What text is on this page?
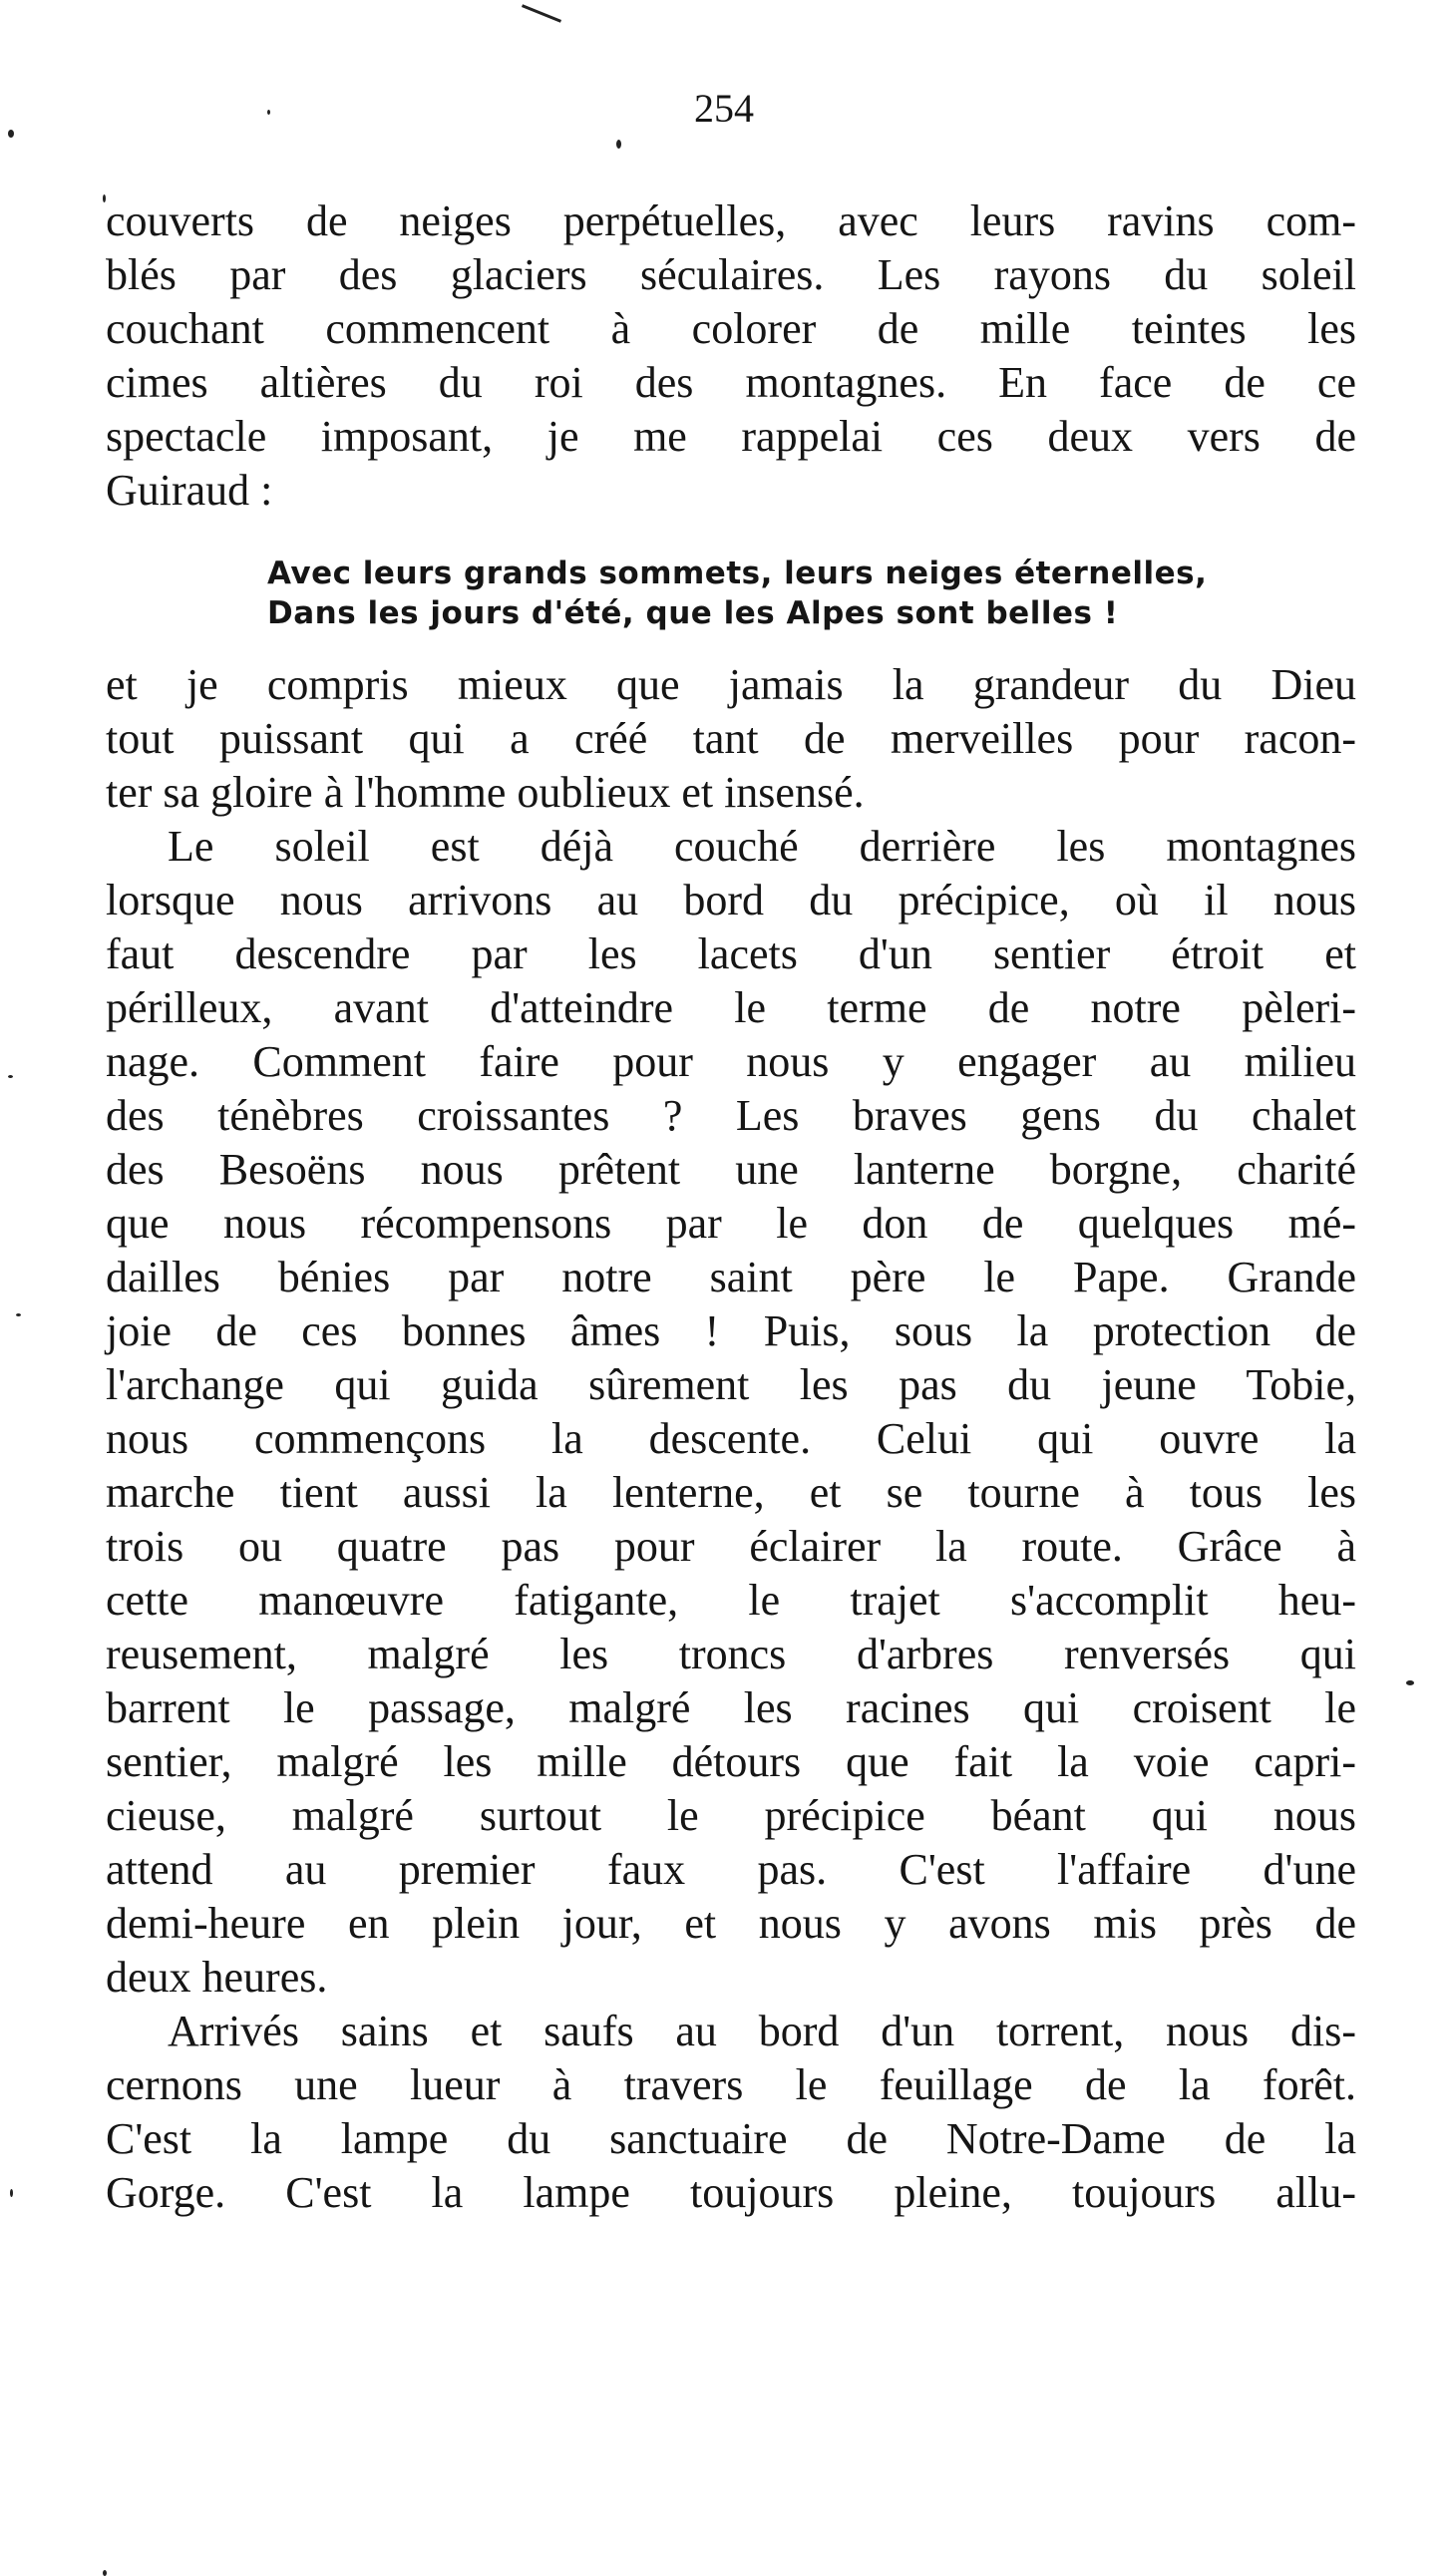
254
couverts de neiges perpétuelles, avec leurs ravins com-
blés par des glaciers séculaires. Les rayons du soleil
couchant commencent à colorer de mille teintes les
cimes altières du roi des montagnes. En face de ce
spectacle imposant, je me rappelai ces deux vers de
Guiraud :
Avec leurs grands sommets, leurs neiges éternelles,
Dans les jours d'été, que les Alpes sont belles !
et je compris mieux que jamais la grandeur du Dieu
tout puissant qui a créé tant de merveilles pour racon-
ter sa gloire à l'homme oublieux et insensé.
Le soleil est déjà couché derrière les montagnes
lorsque nous arrivons au bord du précipice, où il nous
faut descendre par les lacets d'un sentier étroit et
périlleux, avant d'atteindre le terme de notre pèleri-
nage. Comment faire pour nous y engager au milieu
des ténèbres croissantes ? Les braves gens du chalet
des Besoëns nous prêtent une lanterne borgne, charité
que nous récompensons par le don de quelques mé-
dailles bénies par notre saint père le Pape. Grande
joie de ces bonnes âmes ! Puis, sous la protection de
l'archange qui guida sûrement les pas du jeune Tobie,
nous commençons la descente. Celui qui ouvre la
marche tient aussi la lenterne, et se tourne à tous les
trois ou quatre pas pour éclairer la route. Grâce à
cette manœuvre fatigante, le trajet s'accomplit heu-
reusement, malgré les troncs d'arbres renversés qui
barrent le passage, malgré les racines qui croisent le
sentier, malgré les mille détours que fait la voie capri-
cieuse, malgré surtout le précipice béant qui nous
attend au premier faux pas. C'est l'affaire d'une
demi-heure en plein jour, et nous y avons mis près de
deux heures.
Arrivés sains et saufs au bord d'un torrent, nous dis-
cernons une lueur à travers le feuillage de la forêt.
C'est la lampe du sanctuaire de Notre-Dame de la
Gorge. C'est la lampe toujours pleine, toujours allu-
